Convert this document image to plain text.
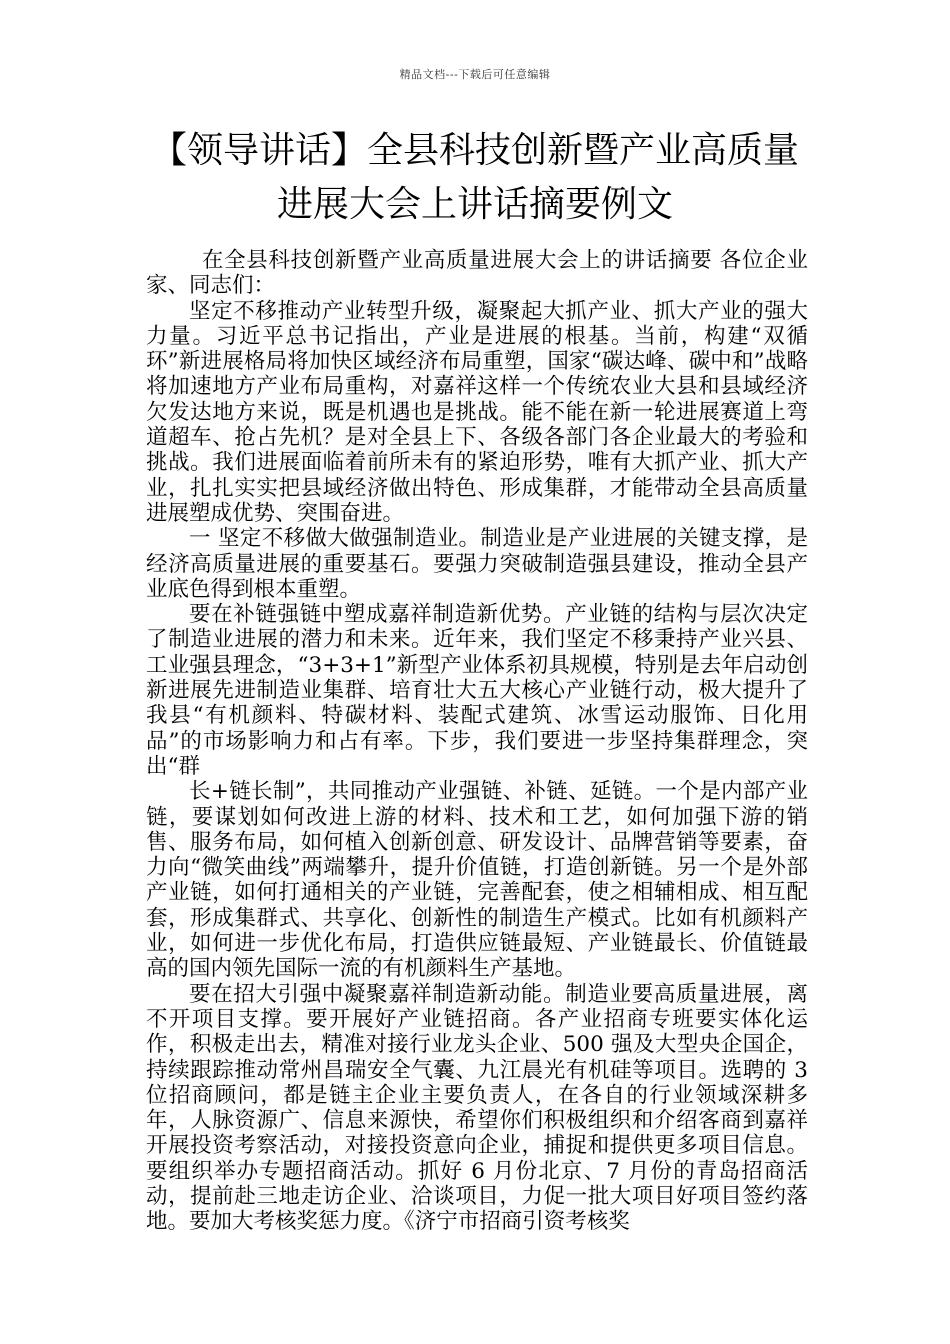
精品文档---下载后可任意编辑
【领导讲话】全县科技创新暨产业高质量
进展大会上讲话摘要例文

在全县科技创新暨产业高质量进展大会上的讲话摘要 各位企业家、同志们：

坚定不移推动产业转型升级，凝聚起大抓产业、抓大产业的强大力量。习近平总书记指出，产业是进展的根基。当前，构建“双循环”新进展格局将加快区域经济布局重塑，国家“碳达峰、碳中和”战略将加速地方产业布局重构，对嘉祥这样一个传统农业大县和县域经济欠发达地方来说，既是机遇也是挑战。能不能在新一轮进展赛道上弯道超车、抢占先机？是对全县上下、各级各部门各企业最大的考验和挑战。我们进展面临着前所未有的紧迫形势，唯有大抓产业、抓大产业，扎扎实实把县域经济做出特色、形成集群，才能带动全县高质量进展塑成优势、突围奋进。

一 坚定不移做大做强制造业。制造业是产业进展的关键支撑，是经济高质量进展的重要基石。要强力突破制造强县建设，推动全县产业底色得到根本重塑。

要在补链强链中塑成嘉祥制造新优势。产业链的结构与层次决定了制造业进展的潜力和未来。近年来，我们坚定不移秉持产业兴县、工业强县理念，“3+3+1”新型产业体系初具规模，特别是去年启动创新进展先进制造业集群、培育壮大五大核心产业链行动，极大提升了我县“有机颜料、特碳材料、装配式建筑、冰雪运动服饰、日化用品”的市场影响力和占有率。下步，我们要进一步坚持集群理念，突出“群

长+链长制”，共同推动产业强链、补链、延链。一个是内部产业链，要谋划如何改进上游的材料、技术和工艺，如何加强下游的销售、服务布局，如何植入创新创意、研发设计、品牌营销等要素，奋力向“微笑曲线”两端攀升，提升价值链，打造创新链。另一个是外部产业链，如何打通相关的产业链，完善配套，使之相辅相成、相互配套，形成集群式、共享化、创新性的制造生产模式。比如有机颜料产业，如何进一步优化布局，打造供应链最短、产业链最长、价值链最高的国内领先国际一流的有机颜料生产基地。

要在招大引强中凝聚嘉祥制造新动能。制造业要高质量进展，离不开项目支撑。要开展好产业链招商。各产业招商专班要实体化运作，积极走出去，精准对接行业龙头企业、500 强及大型央企国企，持续跟踪推动常州昌瑞安全气囊、九江晨光有机硅等项目。选聘的 3 位招商顾问，都是链主企业主要负责人，在各自的行业领域深耕多年，人脉资源广、信息来源快，希望你们积极组织和介绍客商到嘉祥开展投资考察活动，对接投资意向企业，捕捉和提供更多项目信息。要组织举办专题招商活动。抓好 6 月份北京、7 月份的青岛招商活动，提前赴三地走访企业、洽谈项目，力促一批大项目好项目签约落地。要加大考核奖惩力度。《济宁市招商引资考核奖
